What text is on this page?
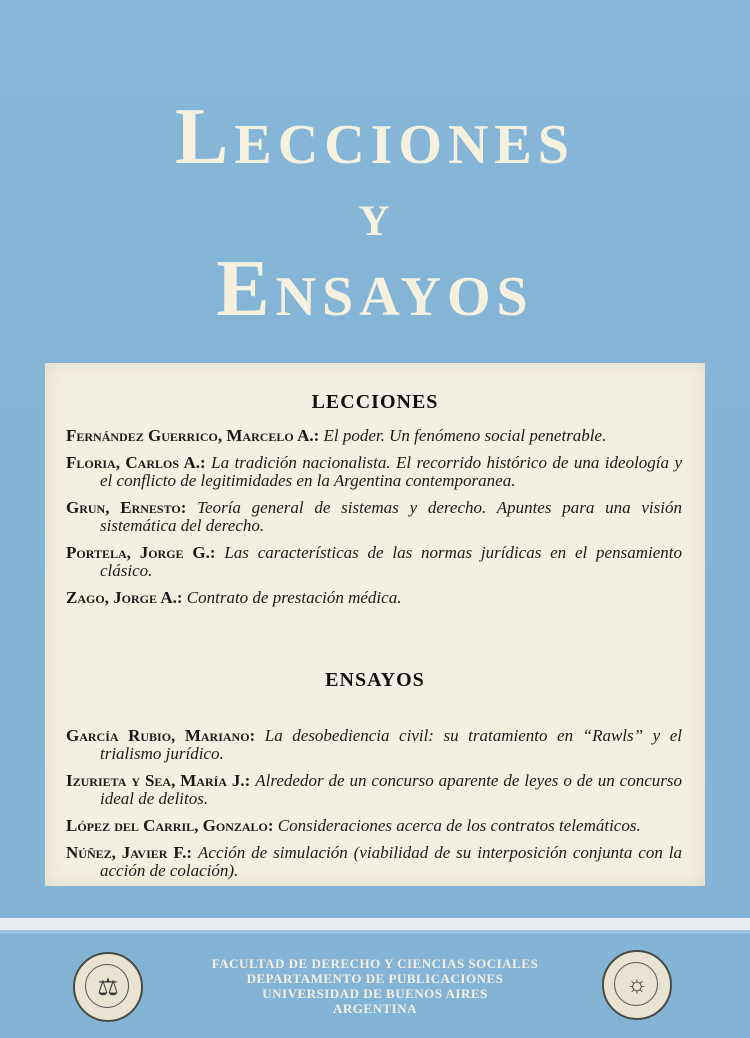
Lecciones
y
Ensayos

LECCIONES

Fernández Guerrico, Marcelo A.: El poder. Un fenómeno social penetrable.

Floria, Carlos A.: La tradición nacionalista. El recorrido histórico de una ideología y el conflicto de legitimidades en la Argentina contemporanea.

Grun, Ernesto: Teoría general de sistemas y derecho. Apuntes para una visión sistemática del derecho.

Portela, Jorge G.: Las características de las normas jurídicas en el pensamiento clásico.

Zago, Jorge A.: Contrato de prestación médica.

ENSAYOS

García Rubio, Mariano: La desobediencia civil: su tratamiento en “Rawls” y el trialismo jurídico.

Izurieta y Sea, María J.: Alrededor de un concurso aparente de leyes o de un concurso ideal de delitos.

López del Carril, Gonzalo: Consideraciones acerca de los contratos telemáticos.

Núñez, Javier F.: Acción de simulación (viabilidad de su interposición conjunta con la acción de colación).

⚖	☼
FACULTAD DE DERECHO Y CIENCIAS SOCIALES
DEPARTAMENTO DE PUBLICACIONES
UNIVERSIDAD DE BUENOS AIRES
ARGENTINA
